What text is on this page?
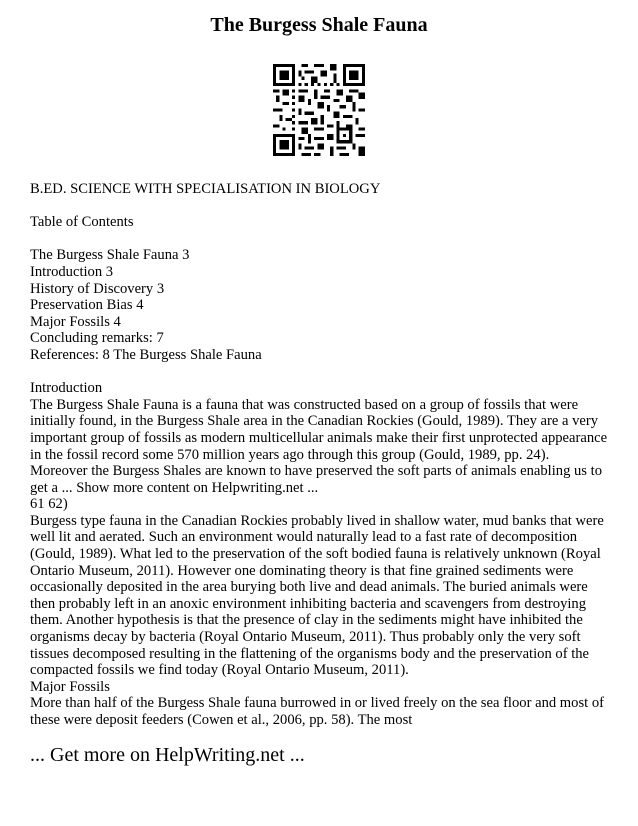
The Burgess Shale Fauna

B.ED. SCIENCE WITH SPECIALISATION IN BIOLOGY

Table of Contents

The Burgess Shale Fauna 3

Introduction 3

History of Discovery 3

Preservation Bias 4

Major Fossils 4

Concluding remarks: 7

References: 8 The Burgess Shale Fauna

Introduction

The Burgess Shale Fauna is a fauna that was constructed based on a group of fossils that were initially found, in the Burgess Shale area in the Canadian Rockies (Gould, 1989). They are a very important group of fossils as modern multicellular animals make their first unprotected appearance in the fossil record some 570 million years ago through this group (Gould, 1989, pp. 24). Moreover the Burgess Shales are known to have preserved the soft parts of animals enabling us to get a ... Show more content on Helpwriting.net ...

61 62)

Burgess type fauna in the Canadian Rockies probably lived in shallow water, mud banks that were well lit and aerated. Such an environment would naturally lead to a fast rate of decomposition (Gould, 1989). What led to the preservation of the soft bodied fauna is relatively unknown (Royal Ontario Museum, 2011). However one dominating theory is that fine grained sediments were occasionally deposited in the area burying both live and dead animals. The buried animals were then probably left in an anoxic environment inhibiting bacteria and scavengers from destroying them. Another hypothesis is that the presence of clay in the sediments might have inhibited the organisms decay by bacteria (Royal Ontario Museum, 2011). Thus probably only the very soft tissues decomposed resulting in the flattening of the organisms body and the preservation of the compacted fossils we find today (Royal Ontario Museum, 2011).

Major Fossils

More than half of the Burgess Shale fauna burrowed in or lived freely on the sea floor and most of these were deposit feeders (Cowen et al., 2006, pp. 58). The most

... Get more on HelpWriting.net ...
